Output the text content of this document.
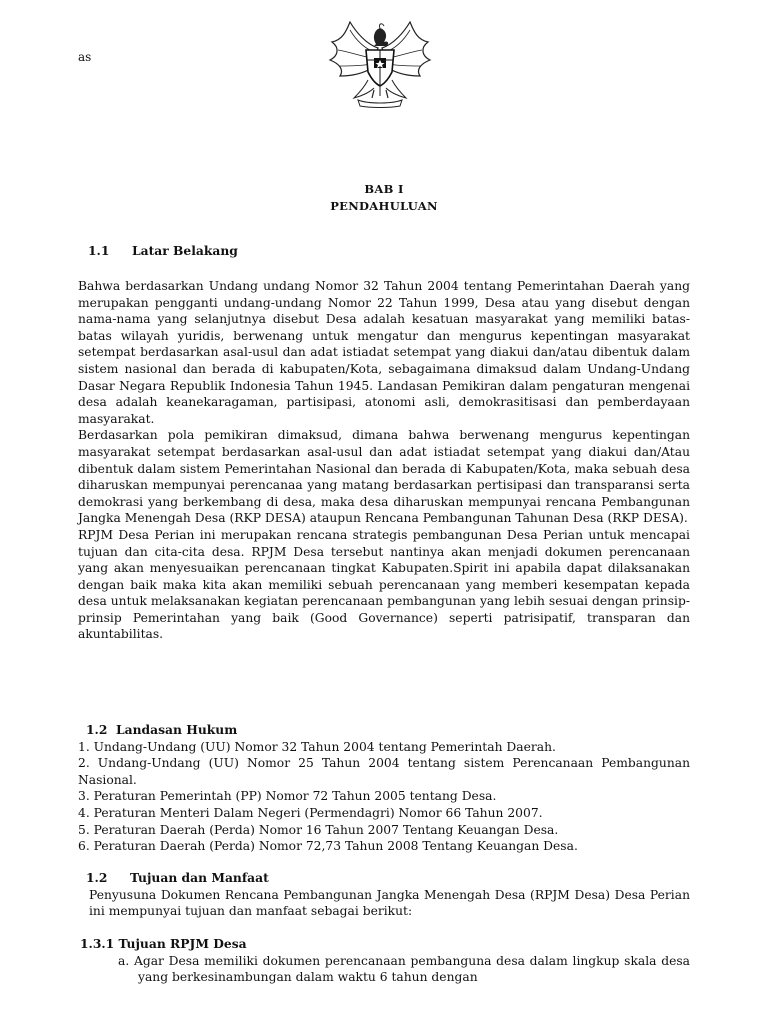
as
BAB I
PENDAHULUAN
1.1 Latar Belakang

Bahwa berdasarkan Undang undang Nomor 32 Tahun 2004 tentang Pemerintahan Daerah yang merupakan pengganti undang-undang Nomor 22 Tahun 1999, Desa atau yang disebut dengan nama-nama yang selanjutnya disebut Desa adalah kesatuan masyarakat yang memiliki batas-batas wilayah yuridis, berwenang untuk mengatur dan mengurus kepentingan masyarakat setempat berdasarkan asal-usul dan adat istiadat setempat yang diakui dan/atau dibentuk dalam sistem nasional dan berada di kabupaten/Kota, sebagaimana dimaksud dalam Undang-Undang Dasar Negara Republik Indonesia Tahun 1945. Landasan Pemikiran dalam pengaturan mengenai desa adalah keanekaragaman, partisipasi, atonomi asli, demokrasitisasi dan pemberdayaan masyarakat.

Berdasarkan pola pemikiran dimaksud, dimana bahwa berwenang mengurus kepentingan masyarakat setempat berdasarkan asal-usul dan adat istiadat setempat yang diakui dan/Atau dibentuk dalam sistem Pemerintahan Nasional dan berada di Kabupaten/Kota, maka sebuah desa diharuskan mempunyai perencanaa yang matang berdasarkan pertisipasi dan transparansi serta demokrasi yang berkembang di desa, maka desa diharuskan mempunyai rencana Pembangunan Jangka Menengah Desa (RKP DESA) ataupun Rencana Pembangunan Tahunan Desa (RKP DESA).

RPJM Desa Perian ini merupakan rencana strategis pembangunan Desa Perian untuk mencapai tujuan dan cita-cita desa. RPJM Desa tersebut nantinya akan menjadi dokumen perencanaan yang akan menyesuaikan perencanaan tingkat Kabupaten.Spirit ini apabila dapat dilaksanakan dengan baik maka kita akan memiliki sebuah perencanaan yang memberi kesempatan kepada desa untuk melaksanakan kegiatan perencanaan pembangunan yang lebih sesuai dengan prinsip-prinsip Pemerintahan yang baik (Good Governance) seperti patrisipatif, transparan dan akuntabilitas.

1.2 Landasan Hukum
1. Undang-Undang (UU) Nomor 32 Tahun 2004 tentang Pemerintah Daerah.
2. Undang-Undang (UU) Nomor 25 Tahun 2004 tentang sistem Perencanaan Pembangunan Nasional.
3. Peraturan Pemerintah (PP) Nomor 72 Tahun 2005 tentang Desa.
4. Peraturan Menteri Dalam Negeri (Permendagri) Nomor 66 Tahun 2007.
5. Peraturan Daerah (Perda) Nomor 16 Tahun 2007 Tentang Keuangan Desa.
6. Peraturan Daerah (Perda) Nomor 72,73 Tahun 2008 Tentang Keuangan Desa.
1.2 Tujuan dan Manfaat

Penyusuna Dokumen Rencana Pembangunan Jangka Menengah Desa (RPJM Desa) Desa Perian ini mempunyai tujuan dan manfaat sebagai berikut:

1.3.1 Tujuan RPJM Desa

a. Agar Desa memiliki dokumen perencanaan pembanguna desa dalam lingkup skala desa yang berkesinambungan dalam waktu 6 tahun dengan
